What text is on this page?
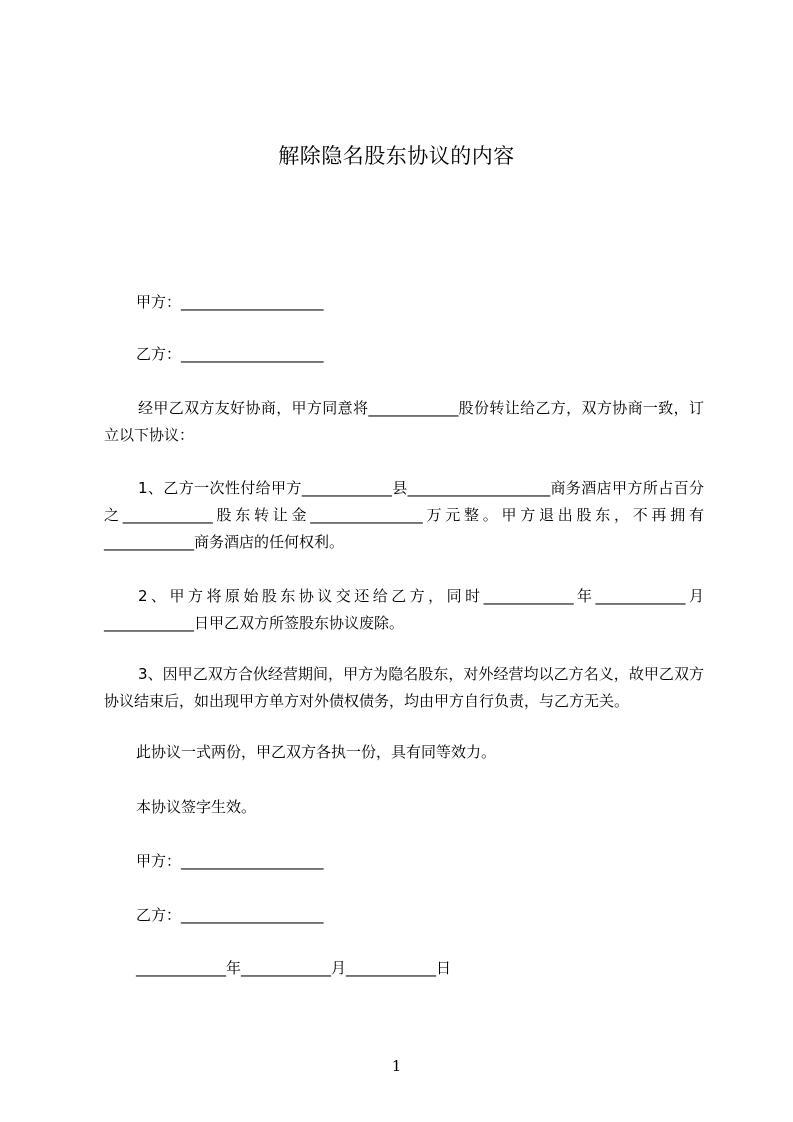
解除隐名股东协议的内容
甲方：___________________
乙方：___________________
经甲乙双方友好协商，甲方同意将____________股份转让给乙方，双方协商一致，订立以下协议：
1、乙方一次性付给甲方____________县___________________商务酒店甲方所占百分之____________股东转让金_______________万元整。甲方退出股东，不再拥有____________商务酒店的任何权利。
2、甲方将原始股东协议交还给乙方，同时____________年____________月____________日甲乙双方所签股东协议废除。
3、因甲乙双方合伙经营期间，甲方为隐名股东，对外经营均以乙方名义，故甲乙双方协议结束后，如出现甲方单方对外债权债务，均由甲方自行负责，与乙方无关。
此协议一式两份，甲乙双方各执一份，具有同等效力。
本协议签字生效。
甲方：___________________
乙方：___________________
____________年____________月____________日
1
